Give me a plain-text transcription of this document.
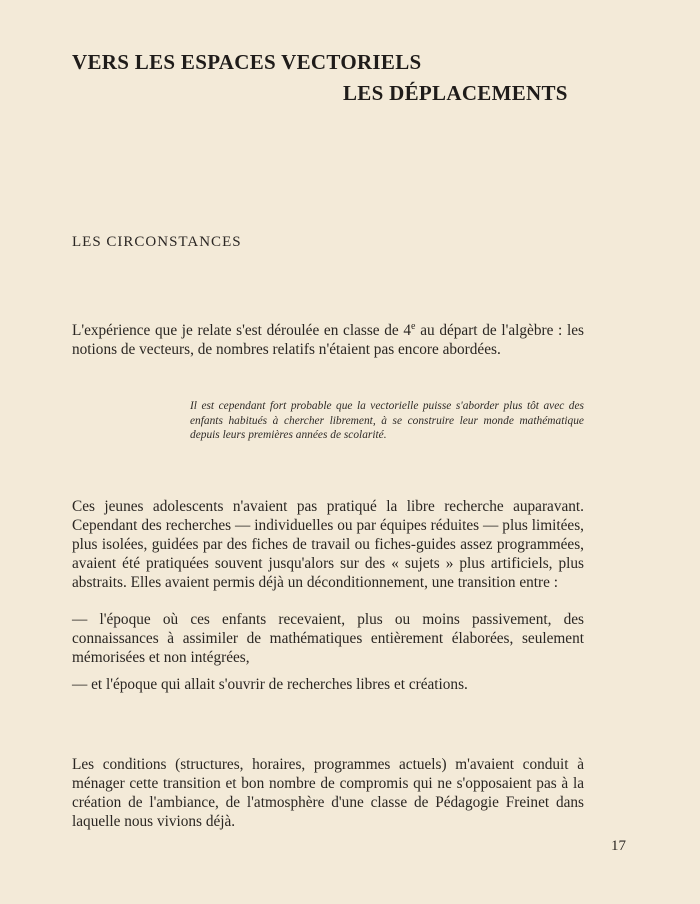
VERS LES ESPACES VECTORIELS
LES DÉPLACEMENTS
LES CIRCONSTANCES

L'expérience que je relate s'est déroulée en classe de 4e au départ de l'algèbre : les notions de vecteurs, de nombres relatifs n'étaient pas encore abordées.

Il est cependant fort probable que la vectorielle puisse s'aborder plus tôt avec des enfants habitués à chercher librement, à se construire leur monde mathématique depuis leurs premières années de scolarité.

Ces jeunes adolescents n'avaient pas pratiqué la libre recherche auparavant. Cependant des recherches — individuelles ou par équipes réduites — plus limitées, plus isolées, guidées par des fiches de travail ou fiches-guides assez programmées, avaient été pratiquées souvent jusqu'alors sur des « sujets » plus artificiels, plus abstraits. Elles avaient permis déjà un déconditionnement, une transition entre :

— l'époque où ces enfants recevaient, plus ou moins passivement, des connaissances à assimiler de mathématiques entièrement élaborées, seulement mémorisées et non intégrées,

— et l'époque qui allait s'ouvrir de recherches libres et créations.

Les conditions (structures, horaires, programmes actuels) m'avaient conduit à ménager cette transition et bon nombre de compromis qui ne s'opposaient pas à la création de l'ambiance, de l'atmosphère d'une classe de Pédagogie Freinet dans laquelle nous vivions déjà.

17
